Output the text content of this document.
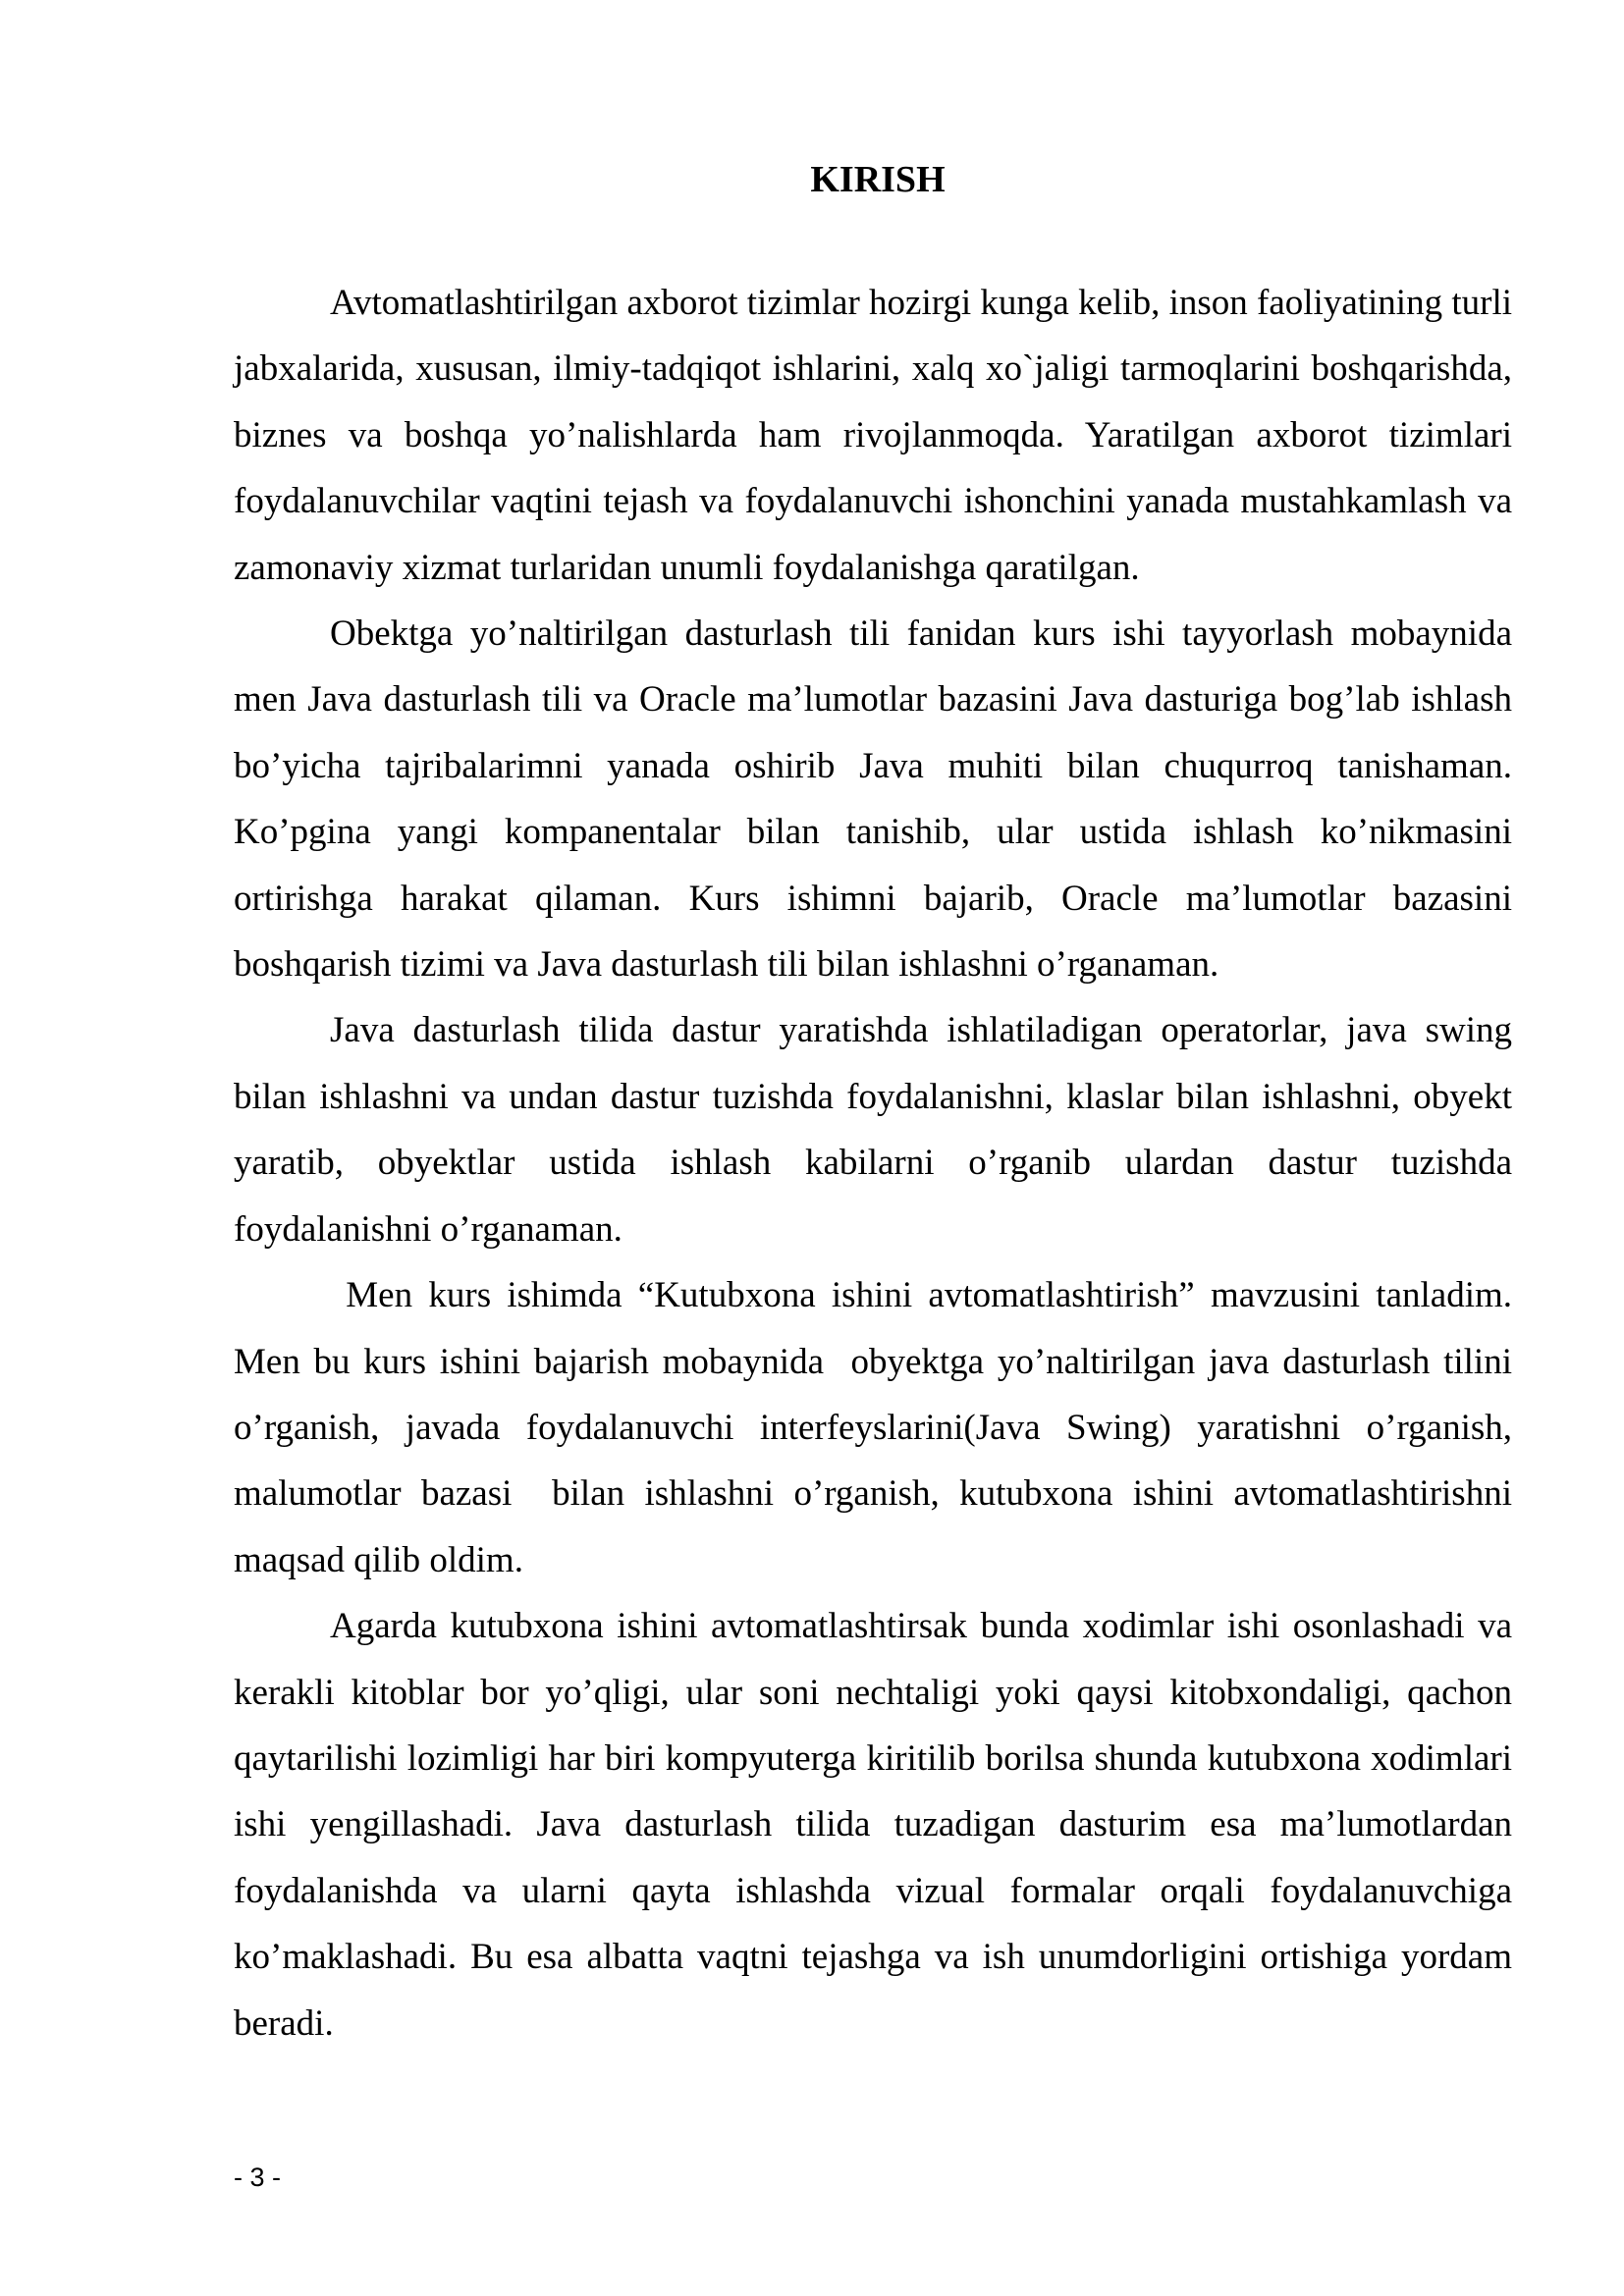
KIRISH

Avtomatlashtirilgan axborot tizimlar hozirgi kunga kelib, inson faoliyatining turli jabxalarida, xususan, ilmiy-tadqiqot ishlarini, xalq xo`jaligi tarmoqlarini boshqarishda, biznes va boshqa yo’nalishlarda ham rivojlanmoqda. Yaratilgan axborot tizimlari foydalanuvchilar vaqtini tejash va foydalanuvchi ishonchini yanada mustahkamlash va zamonaviy xizmat turlaridan unumli foydalanishga qaratilgan.

Obektga yo’naltirilgan dasturlash tili fanidan kurs ishi tayyorlash mobaynida men Java dasturlash tili va Oracle ma’lumotlar bazasini Java dasturiga bog’lab ishlash bo’yicha tajribalarimni yanada oshirib Java muhiti bilan chuqurroq tanishaman. Ko’pgina yangi kompanentalar bilan tanishib, ular ustida ishlash ko’nikmasini ortirishga harakat qilaman. Kurs ishimni bajarib, Oracle ma’lumotlar bazasini boshqarish tizimi va Java dasturlash tili bilan ishlashni o’rganaman.

Java dasturlash tilida dastur yaratishda ishlatiladigan operatorlar, java swing bilan ishlashni va undan dastur tuzishda foydalanishni, klaslar bilan ishlashni, obyekt yaratib, obyektlar ustida ishlash kabilarni o’rganib ulardan dastur tuzishda foydalanishni o’rganaman.

Men kurs ishimda “Kutubxona ishini avtomatlashtirish” mavzusini tanladim.  Men bu kurs ishini bajarish mobaynida  obyektga yo’naltirilgan java dasturlash tilini o’rganish, javada foydalanuvchi interfeyslarini(Java Swing) yaratishni o’rganish, malumotlar bazasi  bilan ishlashni o’rganish, kutubxona ishini avtomatlashtirishni maqsad qilib oldim.

Agarda kutubxona ishini avtomatlashtirsak bunda xodimlar ishi osonlashadi va kerakli kitoblar bor yo’qligi, ular soni nechtaligi yoki qaysi kitobxondaligi, qachon qaytarilishi lozimligi har biri kompyuterga kiritilib borilsa shunda kutubxona xodimlari ishi yengillashadi. Java dasturlash tilida tuzadigan dasturim esa ma’lumotlardan foydalanishda va ularni qayta ishlashda vizual formalar orqali foydalanuvchiga ko’maklashadi. Bu esa albatta vaqtni tejashga va ish unumdorligini ortishiga yordam beradi.

- 3 -
